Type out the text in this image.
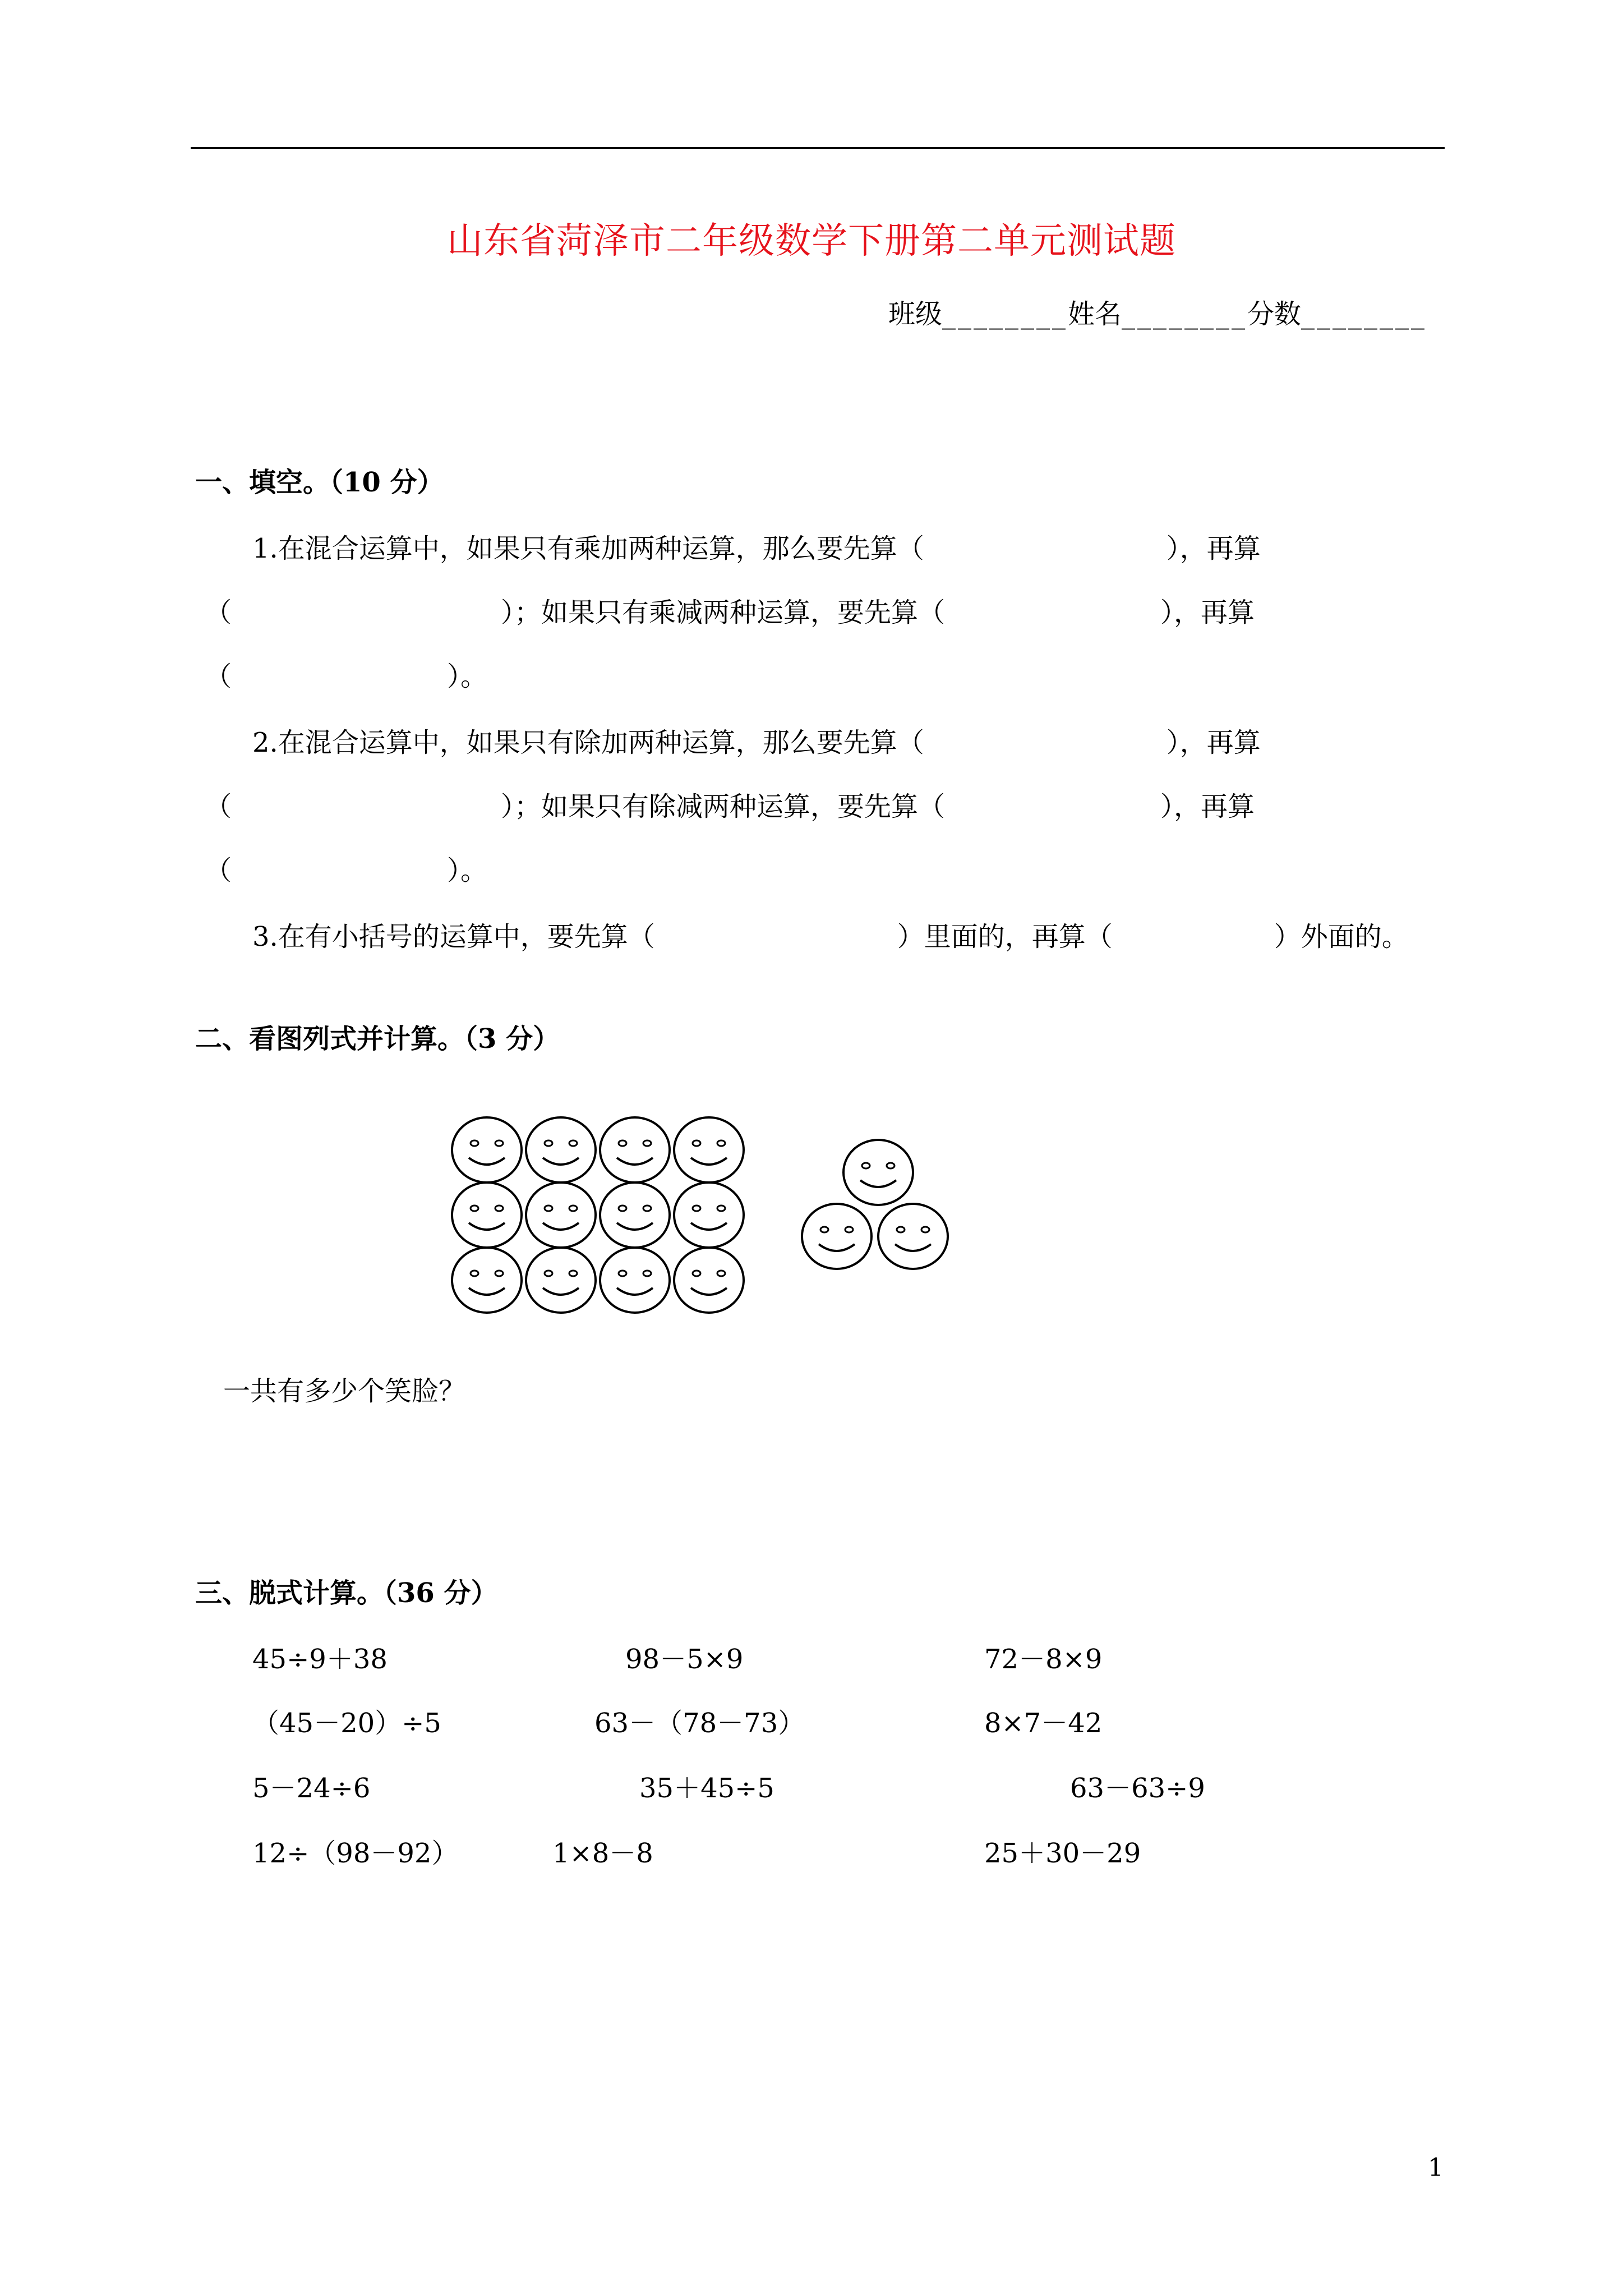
山东省菏泽市二年级数学下册第二单元测试题
班级________姓名________分数________
一、填空。（10 分）
1.在混合运算中，如果只有乘加两种运算，那么要先算（　　　　　　　　　），再算
（　　　　　　　　　　）；如果只有乘减两种运算，要先算（　　　　　　　　），再算
（　　　　　　　　）。
2.在混合运算中，如果只有除加两种运算，那么要先算（　　　　　　　　　），再算
（　　　　　　　　　　）；如果只有除减两种运算，要先算（　　　　　　　　），再算
（　　　　　　　　）。
3.在有小括号的运算中，要先算（　　　　　　　　　）里面的，再算（　　　　　　）外面的。
二、看图列式并计算。（3 分）
一共有多少个笑脸？
三、脱式计算。（36 分）
45÷9＋38	98－5×9	72－8×9
（45－20）÷5	63－（78－73）	8×7－42
5－24÷6	35＋45÷5	63－63÷9
12÷（98－92）	1×8－8	25＋30－29
1
